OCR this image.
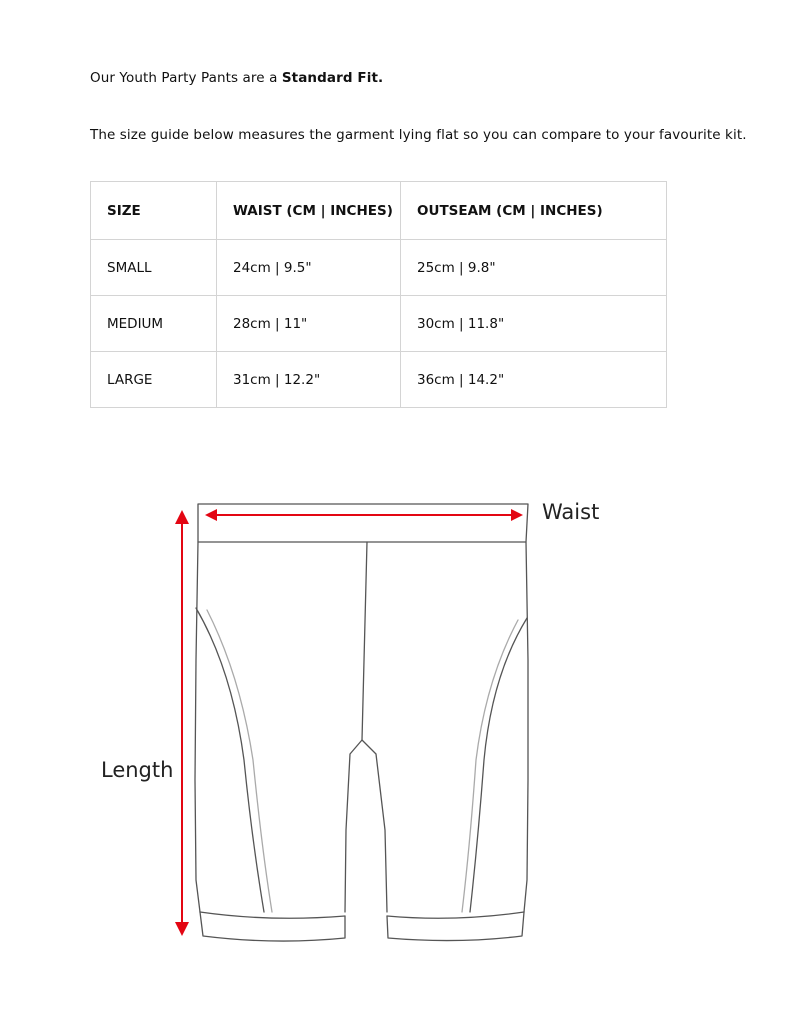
Our Youth Party Pants are a Standard Fit.
The size guide below measures the garment lying flat so you can compare to your favourite kit.
SIZE	WAIST (CM | INCHES)	OUTSEAM (CM | INCHES)
SMALL	24cm | 9.5"	25cm | 9.8"
MEDIUM	28cm | 11"	30cm | 11.8"
LARGE	31cm | 12.2"	36cm | 14.2"
Waist
Length
